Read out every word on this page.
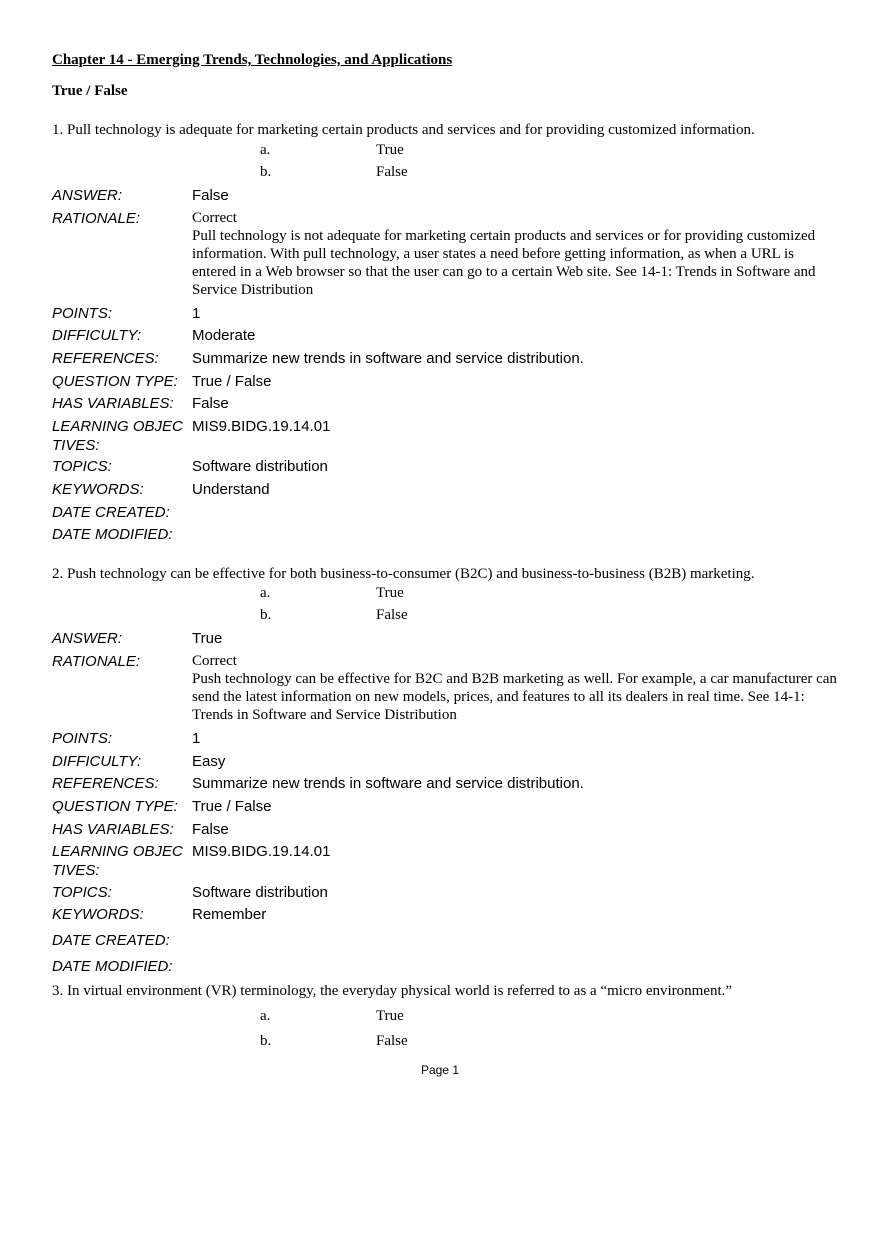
Chapter 14 - Emerging Trends, Technologies, and Applications
True / False
1. Pull technology is adequate for marketing certain products and services and for providing customized information.
a.	True
b.	False
ANSWER:	False
RATIONALE:	Correct
Pull technology is not adequate for marketing certain products and services or for providing customized information. With pull technology, a user states a need before getting information, as when a URL is entered in a Web browser so that the user can go to a certain Web site. See 14-1: Trends in Software and Service Distribution
POINTS:	1
DIFFICULTY:	Moderate
REFERENCES:	Summarize new trends in software and service distribution.
QUESTION TYPE: True / False
HAS VARIABLES:	False
LEARNING OBJEC
TIVES:
MIS9.BIDG.19.14.01
TOPICS:	Software distribution
KEYWORDS:	Understand
DATE CREATED:
DATE MODIFIED:
2. Push technology can be effective for both business-to-consumer (B2C) and business-to-business (B2B) marketing.
a.	True
b.	False
ANSWER:	True
RATIONALE:	Correct
Push technology can be effective for B2C and B2B marketing as well. For example, a car manufacturer can send the latest information on new models, prices, and features to all its dealers in real time. See 14-1: Trends in Software and Service Distribution
POINTS:	1
DIFFICULTY:	Easy
REFERENCES:	Summarize new trends in software and service distribution.
QUESTION TYPE: True / False
HAS VARIABLES:	False
LEARNING OBJEC
TIVES:
MIS9.BIDG.19.14.01
TOPICS:	Software distribution
KEYWORDS:	Remember
DATE CREATED:
DATE MODIFIED:
3. In virtual environment (VR) terminology, the everyday physical world is referred to as a “micro environment.”
a.	True
b.	False
Page 1
